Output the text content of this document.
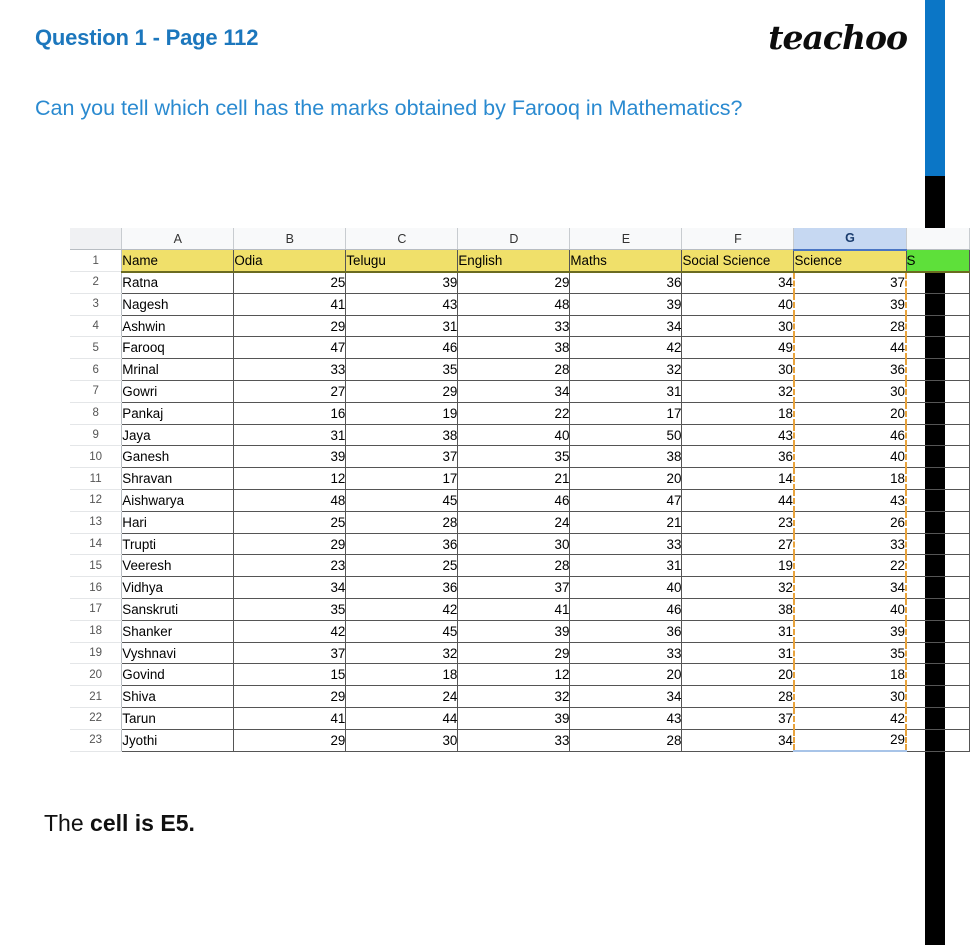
Question 1 - Page 112	teachoo
Can you tell which cell has the marks obtained by Farooq in Mathematics?
	A	B	C	D	E	F	G	
1	Name	Odia	Telugu	English	Maths	Social Science	Science	S
2	Ratna	25	39	29	36	34	37	
3	Nagesh	41	43	48	39	40	39	
4	Ashwin	29	31	33	34	30	28	
5	Farooq	47	46	38	42	49	44	
6	Mrinal	33	35	28	32	30	36	
7	Gowri	27	29	34	31	32	30	
8	Pankaj	16	19	22	17	18	20	
9	Jaya	31	38	40	50	43	46	
10	Ganesh	39	37	35	38	36	40	
11	Shravan	12	17	21	20	14	18	
12	Aishwarya	48	45	46	47	44	43	
13	Hari	25	28	24	21	23	26	
14	Trupti	29	36	30	33	27	33	
15	Veeresh	23	25	28	31	19	22	
16	Vidhya	34	36	37	40	32	34	
17	Sanskruti	35	42	41	46	38	40	
18	Shanker	42	45	39	36	31	39	
19	Vyshnavi	37	32	29	33	31	35	
20	Govind	15	18	12	20	20	18	
21	Shiva	29	24	32	34	28	30	
22	Tarun	41	44	39	43	37	42	
23	Jyothi	29	30	33	28	34	29	
The cell is E5.
